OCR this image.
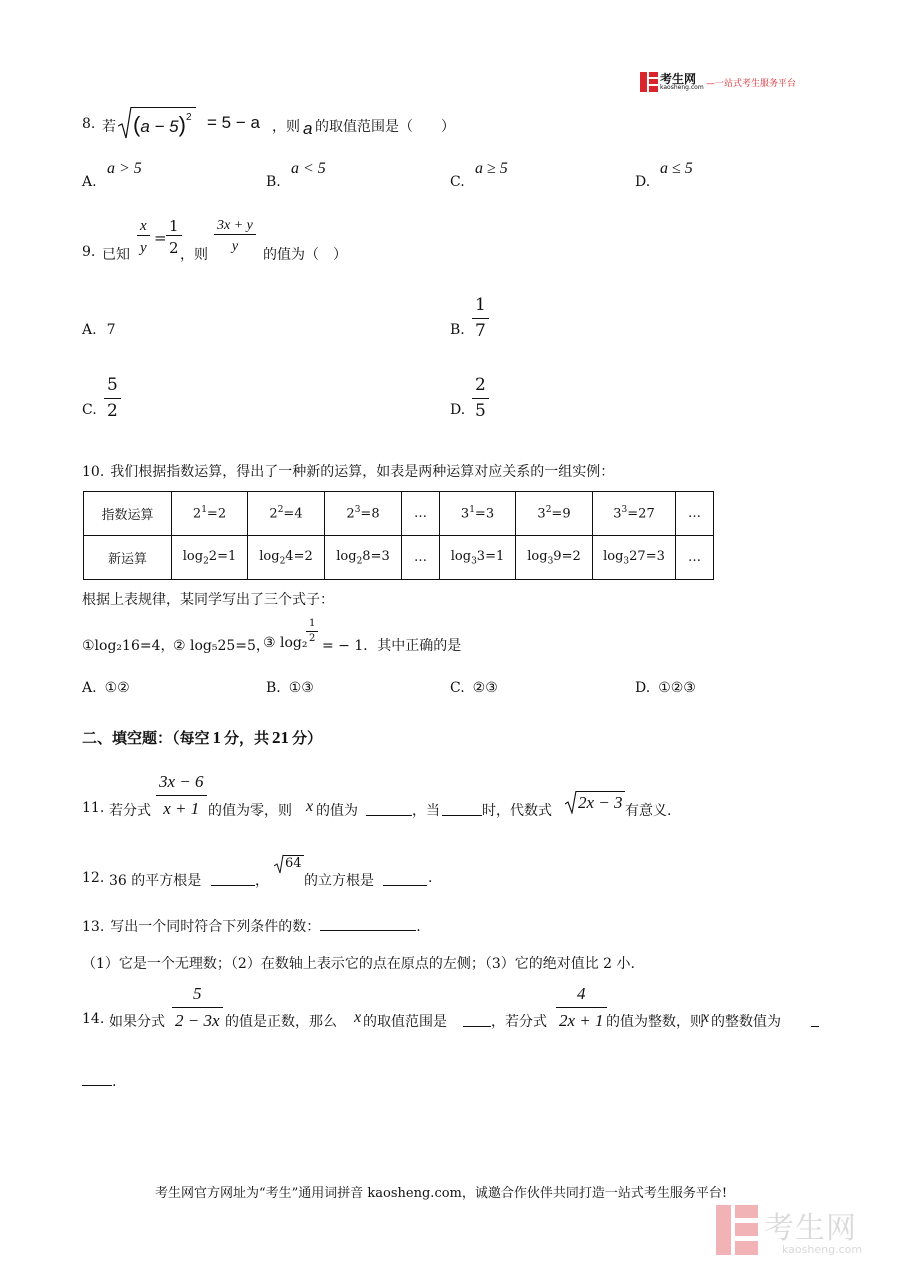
考生网
kaosheng.com —一站式考生服务平台
8. 若 $(a - 5)^2 = 5 - a$ ，则 a 的取值范围是（　　）
A.
a > 5
B.
a < 5
C.
a ≥ 5
D.
a ≤ 5
9. 已知 $\frac{x}{y} = \frac{1}{2}$
，则 $\frac{3x + y}{y}$ 的值为（　）
A. 7	B. $\frac{1}{7}$
C. $\frac{5}{2}$	D. $\frac{2}{5}$
10. 我们根据指数运算，得出了一种新的运算，如表是两种运算对应关系的一组实例：
指数运算	$2^1=2$	$2^2=4$	$2^3=8$	…	$3^1=3$	$3^2=9$	$3^3=27$	…
新运算	$\log_22=1$	$\log_24=2$	$\log_28=3$	…	$\log_33=1$	$\log_39=2$	$\log_327=3$	…
根据上表规律，某同学写出了三个式子：
①log₂16=4，
② log₅25=5，
③ log₂
$\frac{1}{2}$
= − 1．其中正确的是
A. ①②	B. ①③	C. ②③	D. ①②③
二、填空题：（每空 1 分，共 21 分）
11. 若分式 $\frac{3x - 6}{x + 1}$ 的值为零，则 x 的值为	，当	时，代数式 2x − 3 有意义.
12. 36 的平方根是	，
64
的立方根是	.
13. 写出一个同时符合下列条件的数：	.
（1）它是一个无理数；（2）在数轴上表示它的点在原点的左侧；（3）它的绝对值比 2 小.
14. 如果分式 $\frac{5}{2 - 3x}$ 的值是正数，那么 x 的取值范围是	，若分式 $\frac{4}{2x + 1}$ 的值为整数，则
x 的整数值为
.
考生网官方网址为“考生”通用词拼音 kaosheng.com，诚邀合作伙伴共同打造一站式考生服务平台!
考生网
kaosheng.com
